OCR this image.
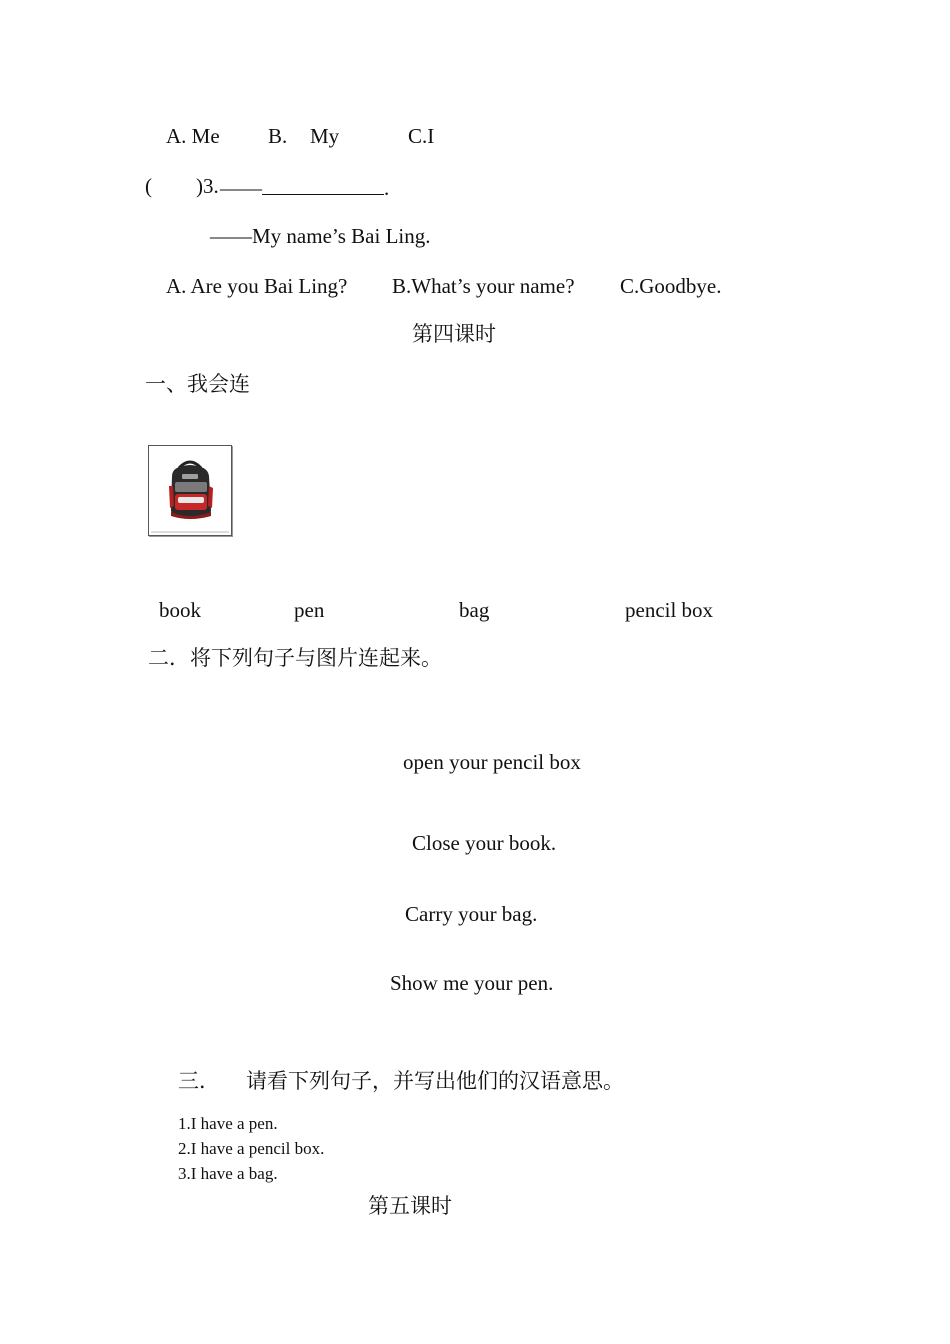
A. Me B. My	C.I
( )3. ——	.
——My name’s Bai Ling.
A. Are you Bai Ling? B.What’s your name? C.Goodbye.
第四课时
一、我会连
book	pen	bag	pencil box
二．将下列句子与图片连起来。
open your pencil box
Close your book.
Carry your bag.
Show me your pen.
三． 请看下列句子，并写出他们的汉语意思。
1.I have a pen.
2.I have a pencil box.
3.I have a bag.
第五课时
